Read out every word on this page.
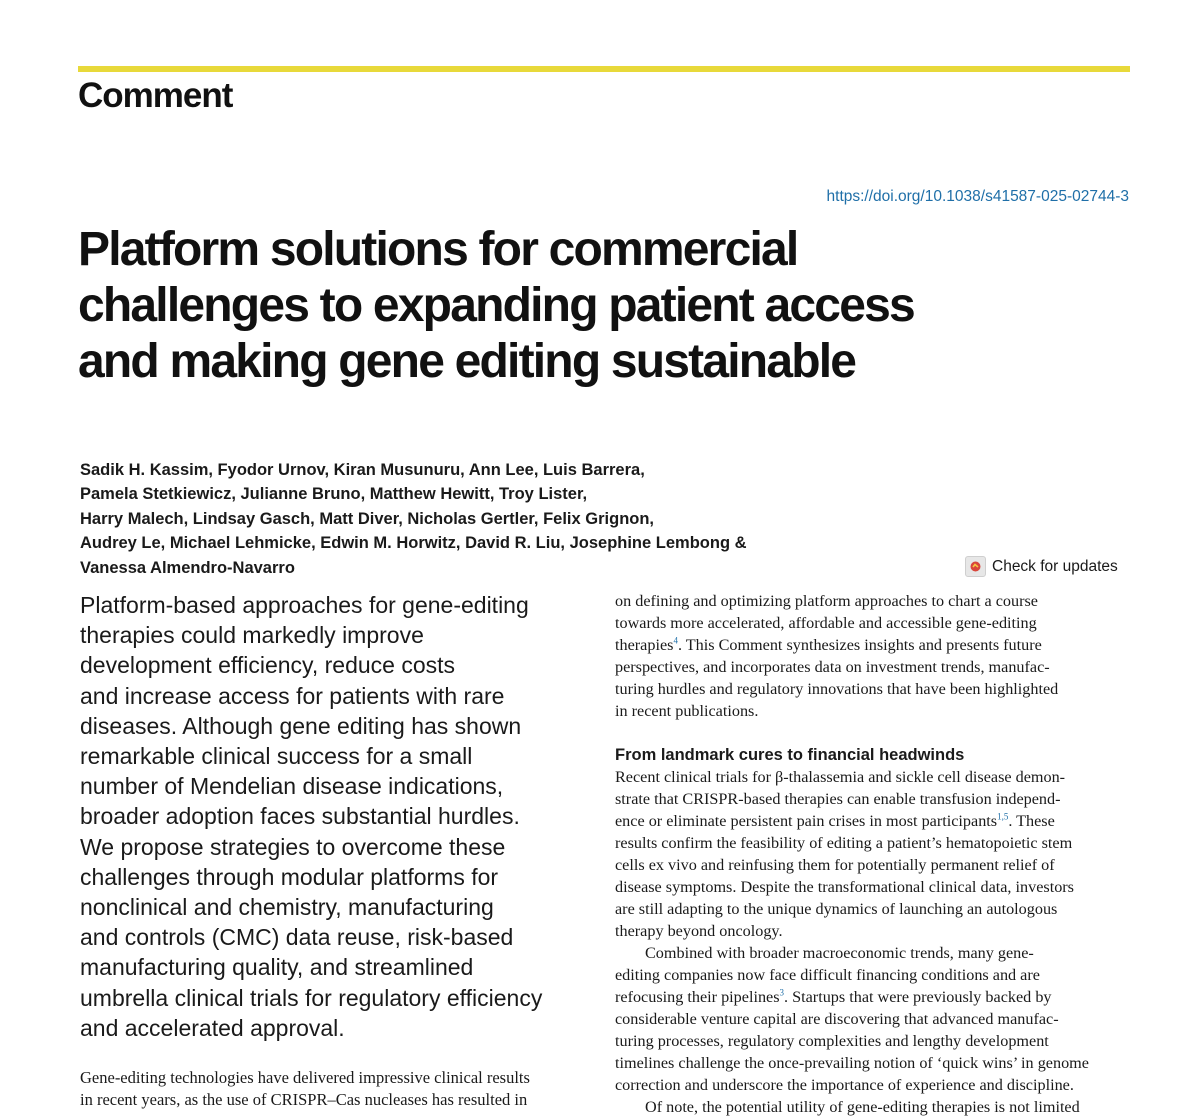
Comment
https://doi.org/10.1038/s41587-025-02744-3
Platform solutions for commercial
challenges to expanding patient access
and making gene editing sustainable
Sadik H. Kassim, Fyodor Urnov, Kiran Musunuru, Ann Lee, Luis Barrera,
Pamela Stetkiewicz, Julianne Bruno, Matthew Hewitt, Troy Lister,
Harry Malech, Lindsay Gasch, Matt Diver, Nicholas Gertler, Felix Grignon,
Audrey Le, Michael Lehmicke, Edwin M. Horwitz, David R. Liu, Josephine Lembong &
Vanessa Almendro-Navarro	Check for updates
Platform-based approaches for gene-editing
therapies could markedly improve
development efficiency, reduce costs
and increase access for patients with rare
diseases. Although gene editing has shown
remarkable clinical success for a small
number of Mendelian disease indications,
broader adoption faces substantial hurdles.
We propose strategies to overcome these
challenges through modular platforms for
nonclinical and chemistry, manufacturing
and controls (CMC) data reuse, risk-based
manufacturing quality, and streamlined
umbrella clinical trials for regulatory efficiency
and accelerated approval.
Gene-editing technologies have delivered impressive clinical results
in recent years, as the use of CRISPR–Cas nucleases has resulted in
on defining and optimizing platform approaches to chart a course
towards more accelerated, affordable and accessible gene-editing
therapies$^4$. This Comment synthesizes insights and presents future
perspectives, and incorporates data on investment trends, manufac-
turing hurdles and regulatory innovations that have been highlighted
in recent publications.
From landmark cures to financial headwinds
Recent clinical trials for β-thalassemia and sickle cell disease demon-
strate that CRISPR-based therapies can enable transfusion independ-
ence or eliminate persistent pain crises in most participants$^{1,5}$. These
results confirm the feasibility of editing a patient’s hematopoietic stem
cells ex vivo and reinfusing them for potentially permanent relief of
disease symptoms. Despite the transformational clinical data, investors
are still adapting to the unique dynamics of launching an autologous
therapy beyond oncology.
Combined with broader macroeconomic trends, many gene-
editing companies now face difficult financing conditions and are
refocusing their pipelines$^3$. Startups that were previously backed by
considerable venture capital are discovering that advanced manufac-
turing processes, regulatory complexities and lengthy development
timelines challenge the once-prevailing notion of ‘quick wins’ in genome
correction and underscore the importance of experience and discipline.
Of note, the potential utility of gene-editing therapies is not limited
